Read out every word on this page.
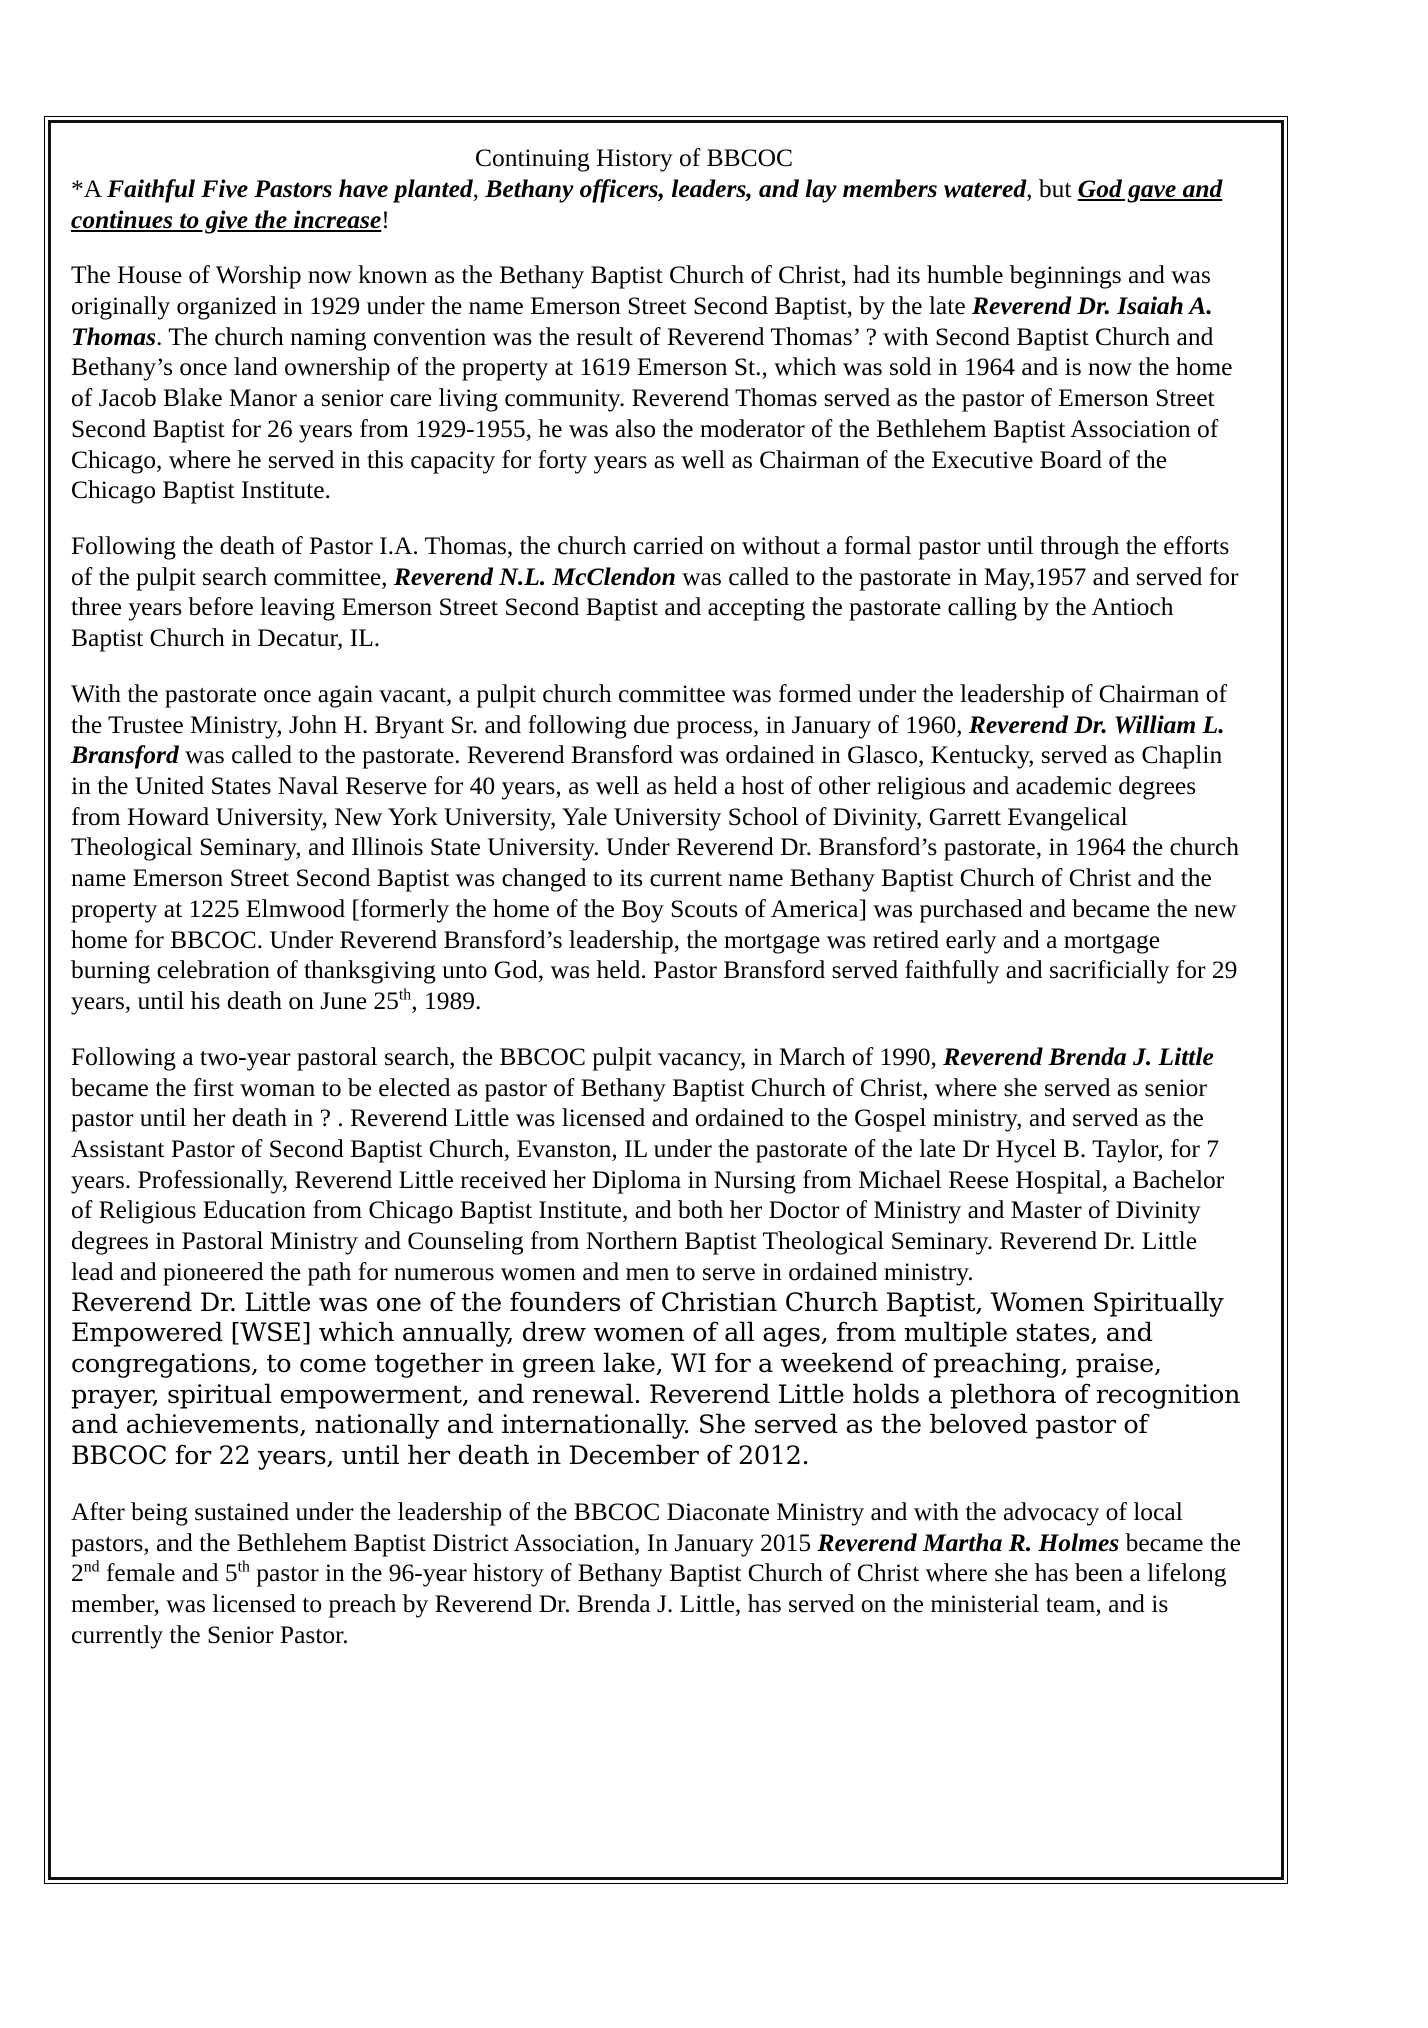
Continuing History of BBCOC
*A Faithful Five Pastors have planted, Bethany officers, leaders, and lay members watered, but God gave and continues to give the increase!

The House of Worship now known as the Bethany Baptist Church of Christ, had its humble beginnings and was originally organized in 1929 under the name Emerson Street Second Baptist, by the late Reverend Dr. Isaiah A. Thomas. The church naming convention was the result of Reverend Thomas’ ? with Second Baptist Church and Bethany’s once land ownership of the property at 1619 Emerson St., which was sold in 1964 and is now the home of Jacob Blake Manor a senior care living community. Reverend Thomas served as the pastor of Emerson Street Second Baptist for 26 years from 1929-1955, he was also the moderator of the Bethlehem Baptist Association of Chicago, where he served in this capacity for forty years as well as Chairman of the Executive Board of the Chicago Baptist Institute.

Following the death of Pastor I.A. Thomas, the church carried on without a formal pastor until through the efforts of the pulpit search committee, Reverend N.L. McClendon was called to the pastorate in May,1957 and served for three years before leaving Emerson Street Second Baptist and accepting the pastorate calling by the Antioch Baptist Church in Decatur, IL.

With the pastorate once again vacant, a pulpit church committee was formed under the leadership of Chairman of the Trustee Ministry, John H. Bryant Sr. and following due process, in January of 1960, Reverend Dr. William L. Bransford was called to the pastorate. Reverend Bransford was ordained in Glasco, Kentucky, served as Chaplin in the United States Naval Reserve for 40 years, as well as held a host of other religious and academic degrees from Howard University, New York University, Yale University School of Divinity, Garrett Evangelical Theological Seminary, and Illinois State University. Under Reverend Dr. Bransford’s pastorate, in 1964 the church name Emerson Street Second Baptist was changed to its current name Bethany Baptist Church of Christ and the property at 1225 Elmwood [formerly the home of the Boy Scouts of America] was purchased and became the new home for BBCOC. Under Reverend Bransford’s leadership, the mortgage was retired early and a mortgage burning celebration of thanksgiving unto God, was held. Pastor Bransford served faithfully and sacrificially for 29 years, until his death on June 25th, 1989.

Following a two-year pastoral search, the BBCOC pulpit vacancy, in March of 1990, Reverend Brenda J. Little became the first woman to be elected as pastor of Bethany Baptist Church of Christ, where she served as senior pastor until her death in ? . Reverend Little was licensed and ordained to the Gospel ministry, and served as the Assistant Pastor of Second Baptist Church, Evanston, IL under the pastorate of the late Dr Hycel B. Taylor, for 7 years. Professionally, Reverend Little received her Diploma in Nursing from Michael Reese Hospital, a Bachelor of Religious Education from Chicago Baptist Institute, and both her Doctor of Ministry and Master of Divinity degrees in Pastoral Ministry and Counseling from Northern Baptist Theological Seminary. Reverend Dr. Little lead and pioneered the path for numerous women and men to serve in ordained ministry.

Reverend Dr. Little was one of the founders of Christian Church Baptist, Women Spiritually Empowered [WSE] which annually, drew women of all ages, from multiple states, and congregations, to come together in green lake, WI for a weekend of preaching, praise, prayer, spiritual empowerment, and renewal. Reverend Little holds a plethora of recognition and achievements, nationally and internationally. She served as the beloved pastor of BBCOC for 22 years, until her death in December of 2012.

After being sustained under the leadership of the BBCOC Diaconate Ministry and with the advocacy of local pastors, and the Bethlehem Baptist District Association, In January 2015 Reverend Martha R. Holmes became the 2nd female and 5th pastor in the 96-year history of Bethany Baptist Church of Christ where she has been a lifelong member, was licensed to preach by Reverend Dr. Brenda J. Little, has served on the ministerial team, and is currently the Senior Pastor.
